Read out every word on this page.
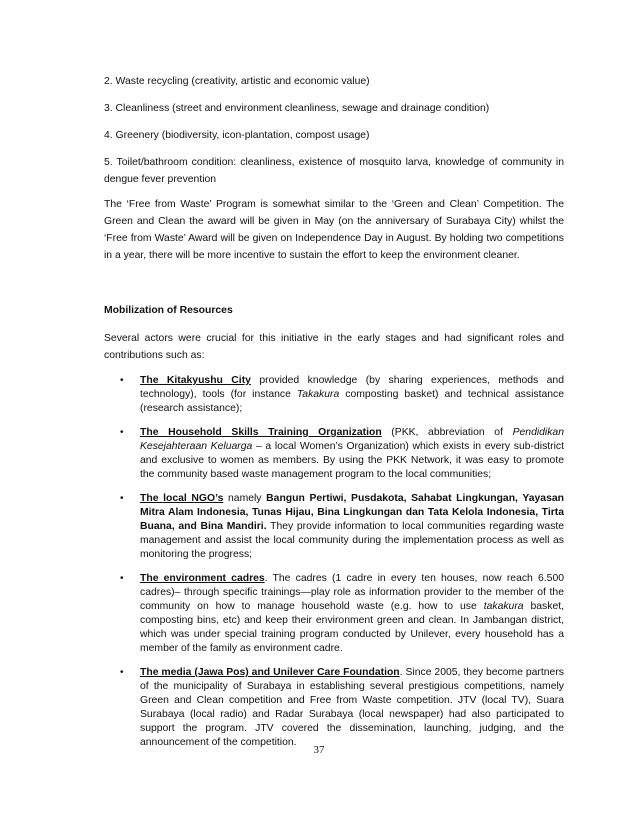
2. Waste recycling (creativity, artistic and economic value)

3. Cleanliness (street and environment cleanliness, sewage and drainage condition)

4. Greenery (biodiversity, icon-plantation, compost usage)

5. Toilet/bathroom condition: cleanliness, existence of mosquito larva, knowledge of community in dengue fever prevention

The ‘Free from Waste’ Program is somewhat similar to the ‘Green and Clean’ Competition. The Green and Clean the award will be given in May (on the anniversary of Surabaya City) whilst the ‘Free from Waste’ Award will be given on Independence Day in August. By holding two competitions in a year, there will be more incentive to sustain the effort to keep the environment cleaner.

Mobilization of Resources

Several actors were crucial for this initiative in the early stages and had significant roles and contributions such as:

• The Kitakyushu City provided knowledge (by sharing experiences, methods and technology), tools (for instance Takakura composting basket) and technical assistance (research assistance);
• The Household Skills Training Organization (PKK, abbreviation of Pendidikan Kesejahteraan Keluarga – a local Women’s Organization) which exists in every sub-district and exclusive to women as members. By using the PKK Network, it was easy to promote the community based waste management program to the local communities;
• The local NGO’s namely Bangun Pertiwi, Pusdakota, Sahabat Lingkungan, Yayasan Mitra Alam Indonesia, Tunas Hijau, Bina Lingkungan dan Tata Kelola Indonesia, Tirta Buana, and Bina Mandiri. They provide information to local communities regarding waste management and assist the local community during the implementation process as well as monitoring the progress;
• The environment cadres. The cadres (1 cadre in every ten houses, now reach 6.500 cadres)– through specific trainings—play role as information provider to the member of the community on how to manage household waste (e.g. how to use takakura basket, composting bins, etc) and keep their environment green and clean. In Jambangan district, which was under special training program conducted by Unilever, every household has a member of the family as environment cadre.
• The media (Jawa Pos) and Unilever Care Foundation. Since 2005, they become partners of the municipality of Surabaya in establishing several prestigious competitions, namely Green and Clean competition and Free from Waste competition. JTV (local TV), Suara Surabaya (local radio) and Radar Surabaya (local newspaper) had also participated to support the program. JTV covered the dissemination, launching, judging, and the announcement of the competition.
37
